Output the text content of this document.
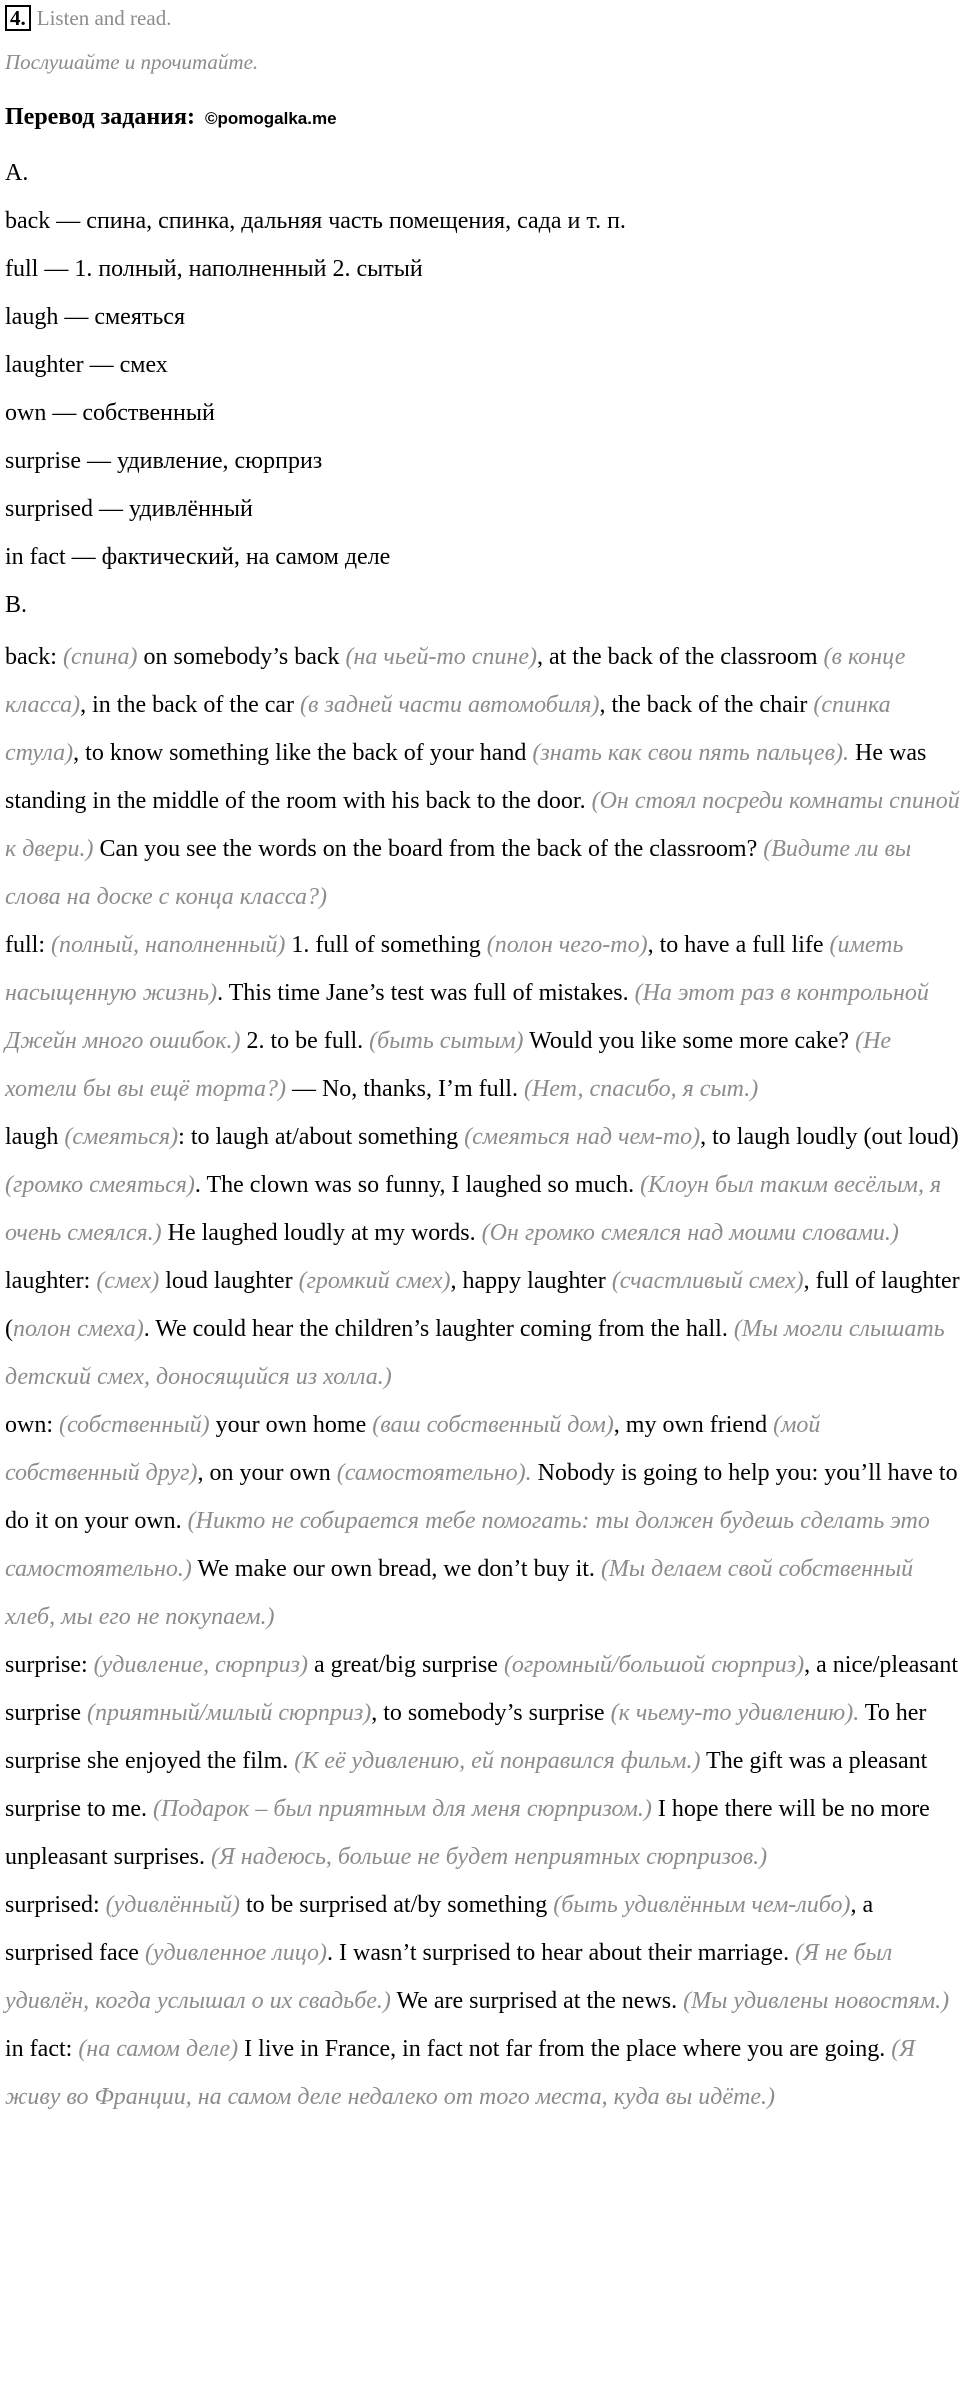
4. Listen and read.
Послушайте и прочитайте.
Перевод задания: ©pomogalka.me
A.
back — спина, спинка, дальняя часть помещения, сада и т. п.
full — 1. полный, наполненный 2. сытый
laugh — смеяться
laughter — смех
own — собственный
surprise — удивление, сюрприз
surprised — удивлённый
in fact — фактический, на самом деле
B.

back: (спина) on somebody’s back (на чьей-то спине), at the back of the classroom (в конце класса), in the back of the car (в задней части автомобиля), the back of the chair (спинка стула), to know something like the back of your hand (знать как свои пять пальцев). He was standing in the middle of the room with his back to the door. (Он стоял посреди комнаты спиной к двери.) Can you see the words on the board from the back of the classroom? (Видите ли вы слова на доске с конца класса?)

full: (полный, наполненный) 1. full of something (полон чего-то), to have a full life (иметь насыщенную жизнь). This time Jane’s test was full of mistakes. (На этот раз в контрольной Джейн много ошибок.) 2. to be full. (быть сытым) Would you like some more cake? (Не хотели бы вы ещё торта?) — No, thanks, I’m full. (Нет, спасибо, я сыт.)

laugh (смеяться): to laugh at/about something (смеяться над чем-то), to laugh loudly (out loud) (громко смеяться). The clown was so funny, I laughed so much. (Клоун был таким весёлым, я очень смеялся.) He laughed loudly at my words. (Он громко смеялся над моими словами.)

laughter: (смех) loud laughter (громкий смех), happy laughter (счастливый смех), full of laughter (полон смеха). We could hear the children’s laughter coming from the hall. (Мы могли слышать детский смех, доносящийся из холла.)

own: (собственный) your own home (ваш собственный дом), my own friend (мой собственный друг), on your own (самостоятельно). Nobody is going to help you: you’ll have to do it on your own. (Никто не собирается тебе помогать: ты должен будешь сделать это самостоятельно.) We make our own bread, we don’t buy it. (Мы делаем свой собственный хлеб, мы его не покупаем.)

surprise: (удивление, сюрприз) a great/big surprise (огромный/большой сюрприз), a nice/pleasant surprise (приятный/милый сюрприз), to somebody’s surprise (к чьему-то удивлению). To her surprise she enjoyed the film. (К её удивлению, ей понравился фильм.) The gift was a pleasant surprise to me. (Подарок – был приятным для меня сюрпризом.) I hope there will be no more unpleasant surprises. (Я надеюсь, больше не будет неприятных сюрпризов.)

surprised: (удивлённый) to be surprised at/by something (быть удивлённым чем-либо), a surprised face (удивленное лицо). I wasn’t surprised to hear about their marriage. (Я не был удивлён, когда услышал о их свадьбе.) We are surprised at the news. (Мы удивлены новостям.)

in fact: (на самом деле) I live in France, in fact not far from the place where you are going. (Я живу во Франции, на самом деле недалеко от того места, куда вы идёте.)
